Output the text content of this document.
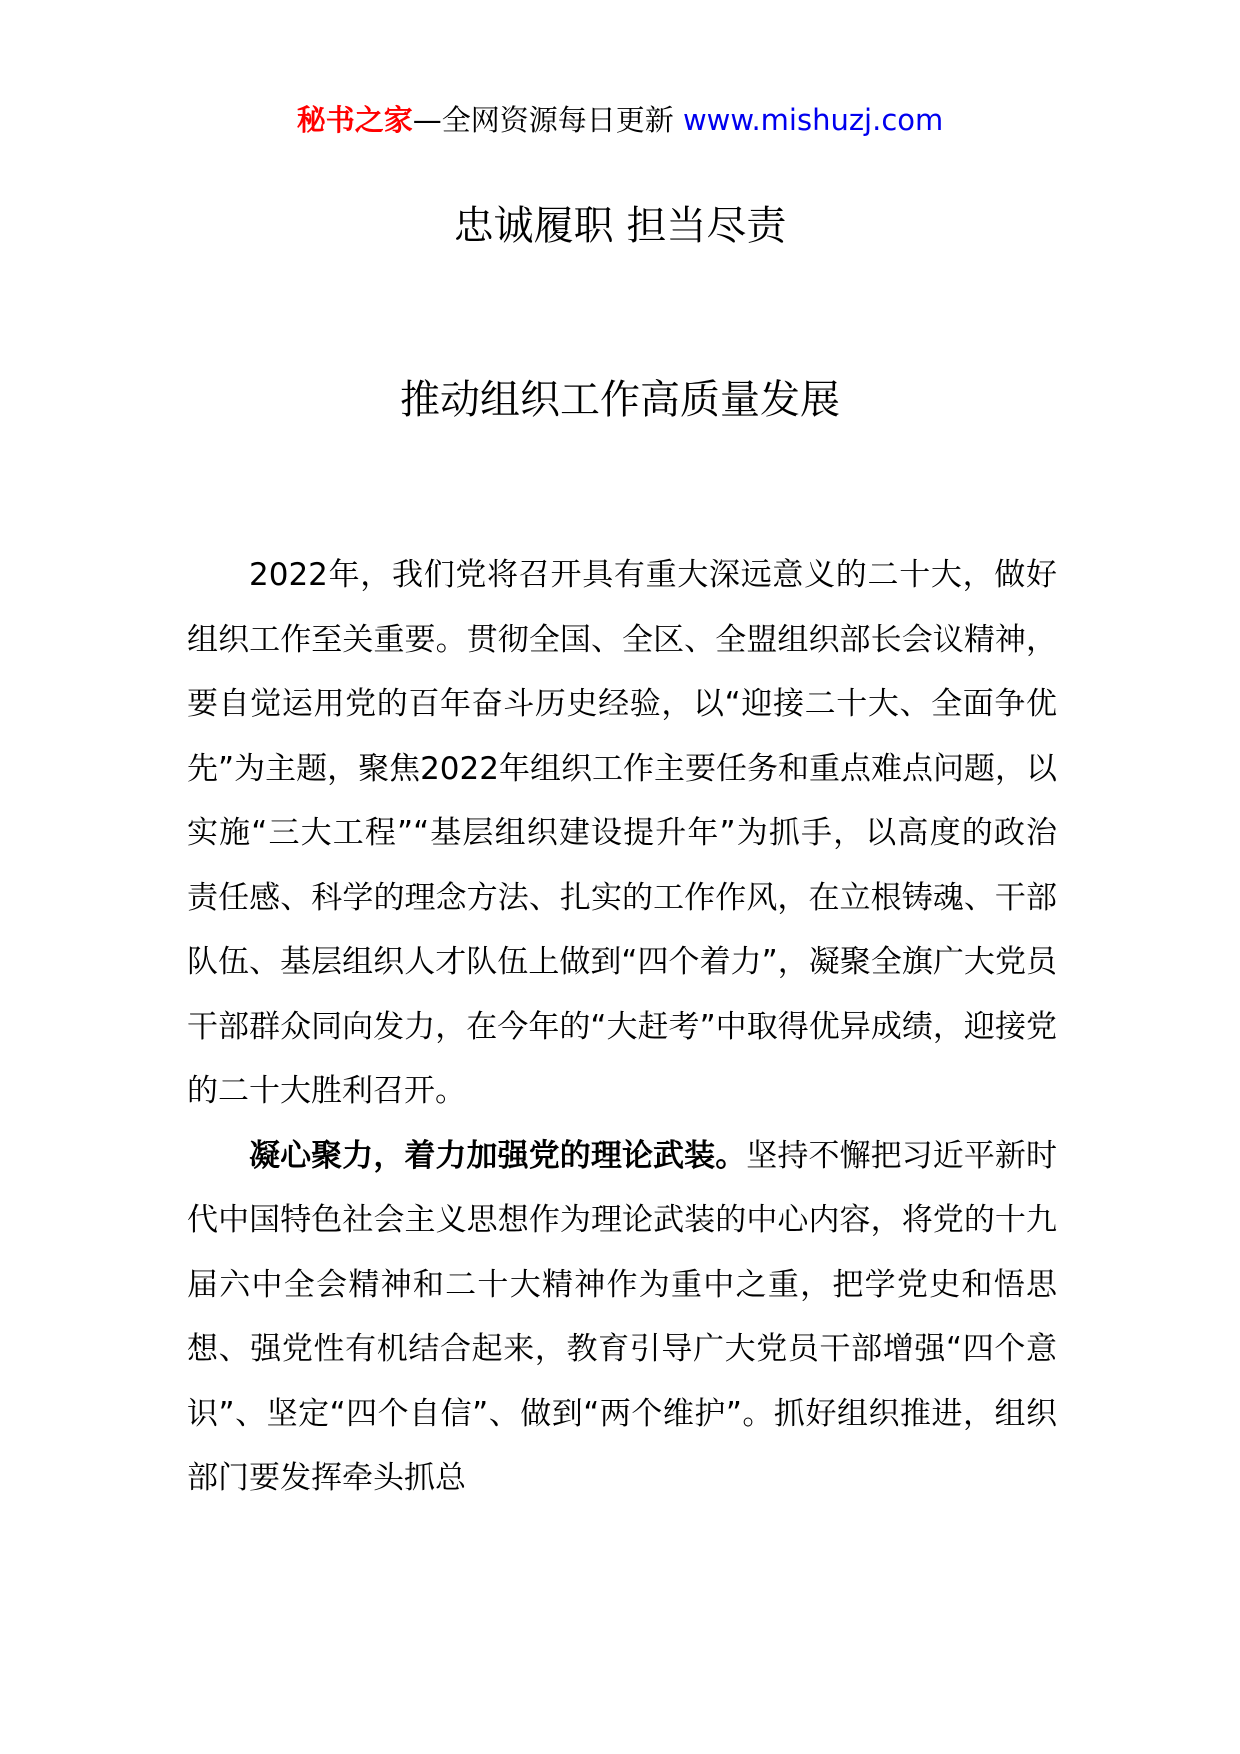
秘书之家—全网资源每日更新 www.mishuzj.com
忠诚履职 担当尽责
推动组织工作高质量发展

2022年，我们党将召开具有重大深远意义的二十大，做好组织工作至关重要。贯彻全国、全区、全盟组织部长会议精神，要自觉运用党的百年奋斗历史经验，以“迎接二十大、全面争优先”为主题，聚焦2022年组织工作主要任务和重点难点问题，以实施“三大工程”“基层组织建设提升年”为抓手，以高度的政治责任感、科学的理念方法、扎实的工作作风，在立根铸魂、干部队伍、基层组织人才队伍上做到“四个着力”，凝聚全旗广大党员干部群众同向发力，在今年的“大赶考”中取得优异成绩，迎接党的二十大胜利召开。

凝心聚力，着力加强党的理论武装。坚持不懈把习近平新时代中国特色社会主义思想作为理论武装的中心内容，将党的十九届六中全会精神和二十大精神作为重中之重，把学党史和悟思想、强党性有机结合起来，教育引导广大党员干部增强“四个意识”、坚定“四个自信”、做到“两个维护”。抓好组织推进，组织部门要发挥牵头抓总
